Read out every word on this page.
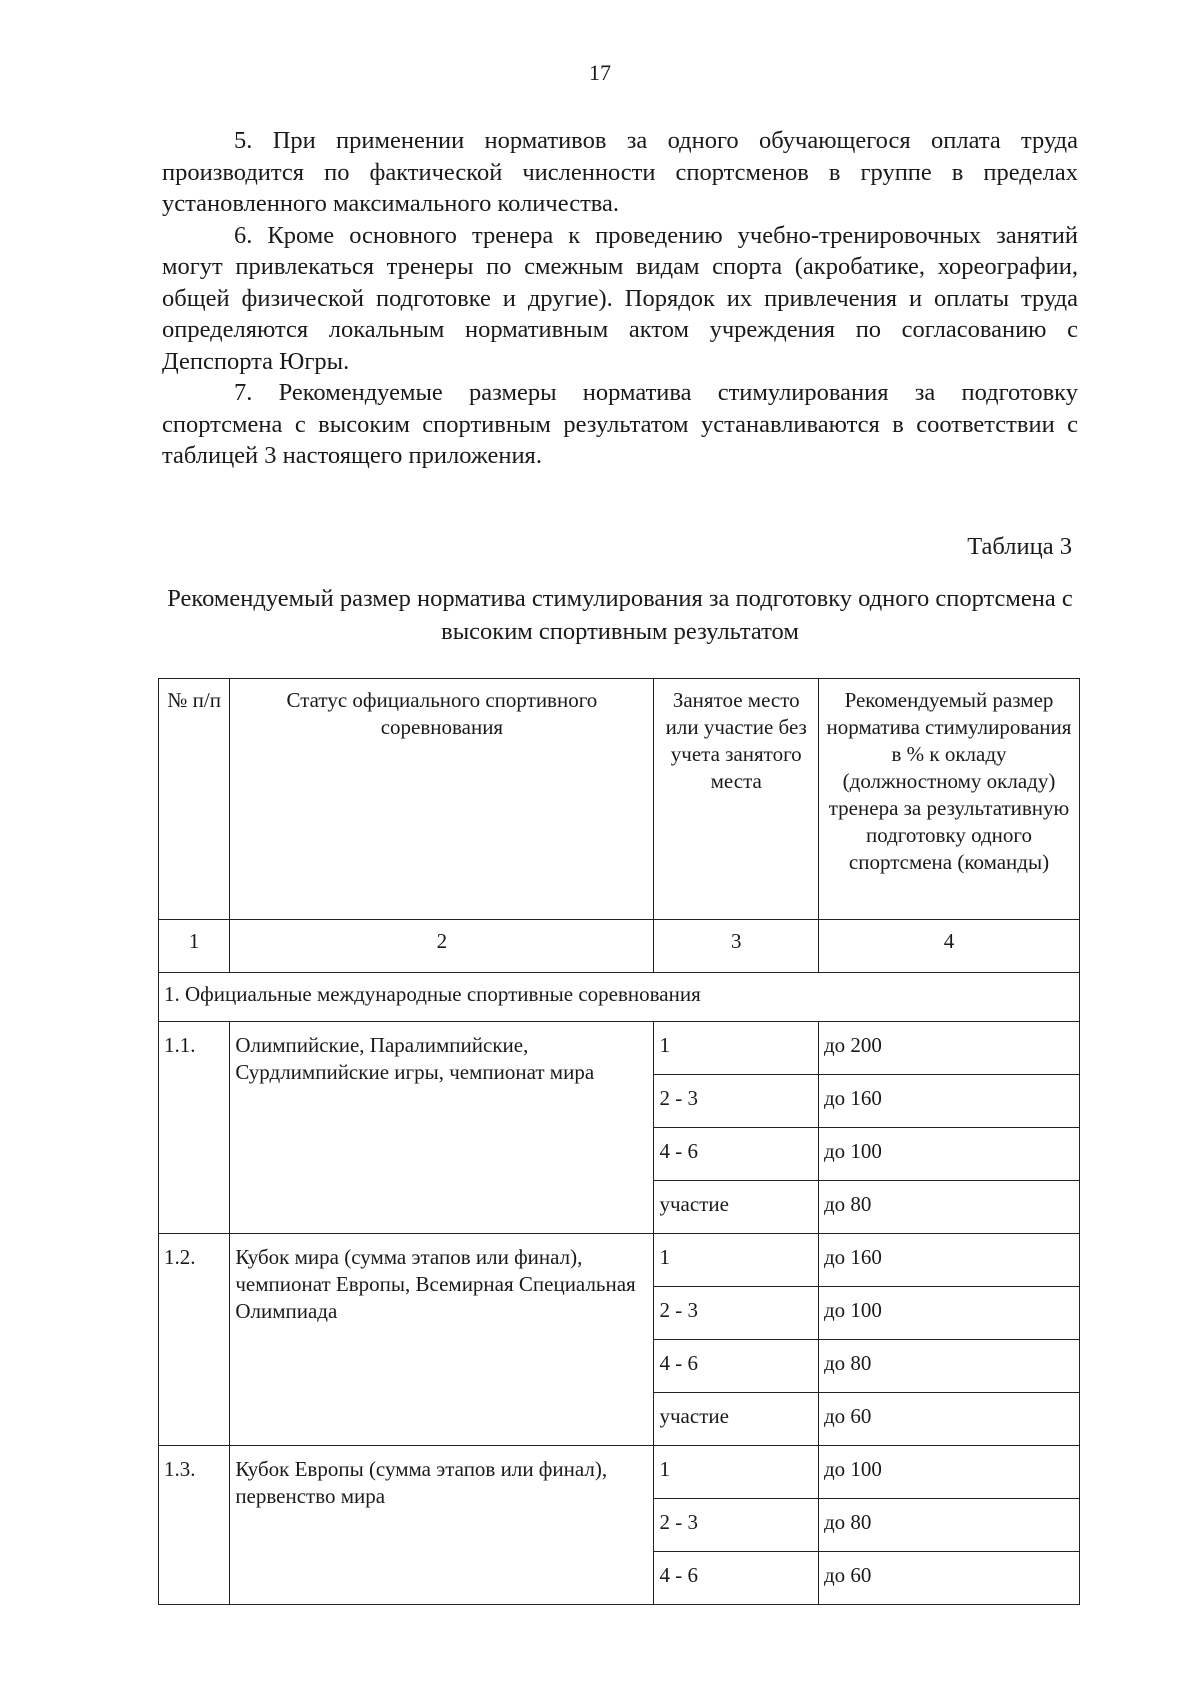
17

5. При применении нормативов за одного обучающегося оплата труда производится по фактической численности спортсменов в группе в пределах установленного максимального количества.

6. Кроме основного тренера к проведению учебно-тренировочных занятий могут привлекаться тренеры по смежным видам спорта (акробатике, хореографии, общей физической подготовке и другие). Порядок их привлечения и оплаты труда определяются локальным нормативным актом учреждения по согласованию с Депспорта Югры.

7. Рекомендуемые размеры норматива стимулирования за подготовку спортсмена с высоким спортивным результатом устанавливаются в соответствии с таблицей 3 настоящего приложения.

Таблица 3
Рекомендуемый размер норматива стимулирования за подготовку одного спортсмена с высоким спортивным результатом
№ п/п	Статус официального спортивного соревнования	Занятое место или участие без учета занятого места	Рекомендуемый размер норматива стимулирования в % к окладу (должностному окладу) тренера за результативную подготовку одного спортсмена (команды)
1	2	3	4
1. Официальные международные спортивные соревнования			
1.1.	Олимпийские, Паралимпийские, Сурдлимпийские игры, чемпионат мира	1	до 200
		2 - 3	до 160
		4 - 6	до 100
		участие	до 80
1.2.	Кубок мира (сумма этапов или финал), чемпионат Европы, Всемирная Специальная Олимпиада	1	до 160
		2 - 3	до 100
		4 - 6	до 80
		участие	до 60
1.3.	Кубок Европы (сумма этапов или финал), первенство мира	1	до 100
		2 - 3	до 80
		4 - 6	до 60
